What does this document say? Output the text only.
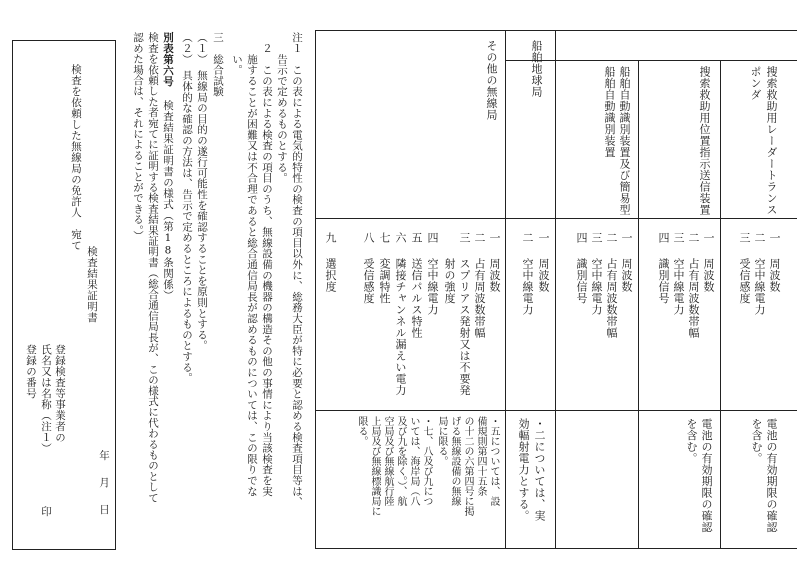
搜索救助用レーダートランス
ポンダ
一
周波数
二
空中線電力
三
受信感度
電池の有効期限の確認
を含む。
搜索救助用位置指示送信装置
一
周波数
二
占有周波数帯幅
三
空中線電力
四
識別信号
電池の有効期限の確認
を含む。
船舶自動識別装置及び簡易型
船舶自動識別装置
一
周波数
二
占有周波数帯幅
三
空中線電力
四
識別信号
船舶地球局
一
周波数
二
空中線電力
・二については、実
効輻射電力とする。
その他の無線局
一
周波数
二
占有周波数帯幅
三
スプリアス発射又は不要発
射の強度
四
空中線電力
五
送信パルス特性
六
隣接チャンネル漏えい電力
七
変調特性
八
受信感度
九
選択度
・五については、設
備規則第四十五条
の十二の六第四号に掲
げる無線設備の無線
局に限る。
・七、八及び九につ
いては、海岸局（八
及び九を除く。）、航
空局及び無線航行陸
上局及び無線標識局に
限る。
注１　この表による電気的特性の検査の項目以外に、総務大臣が特に必要と認める検査項目等は、
　　告示で定めるものとする。
　２　この表による検査の項目のうち、無線設備の機器の構造その他の事情により当該検査を実
　　施することが困難又は不合理であると総合通信局長が認めるものについては、この限りでな
　　い。
三　総合試験
（１）　無線局の目的の遂行可能性を確認することを原則とする。
（２）　具体的な確認の方法は、告示で定めるところによるものとする。
別表第六号
検査結果証明書の様式（第18条関係）
検査を依頼した者宛てに証明する検査結果証明書（総合通信局長が、この様式に代わるものとして
認めた場合は、それによることができる。）
検査を依頼した無線局の免許人　宛て
検査結果証明書
年　月　日
登録検査等事業者の
氏名又は名称（注１）
印
登録の番号
